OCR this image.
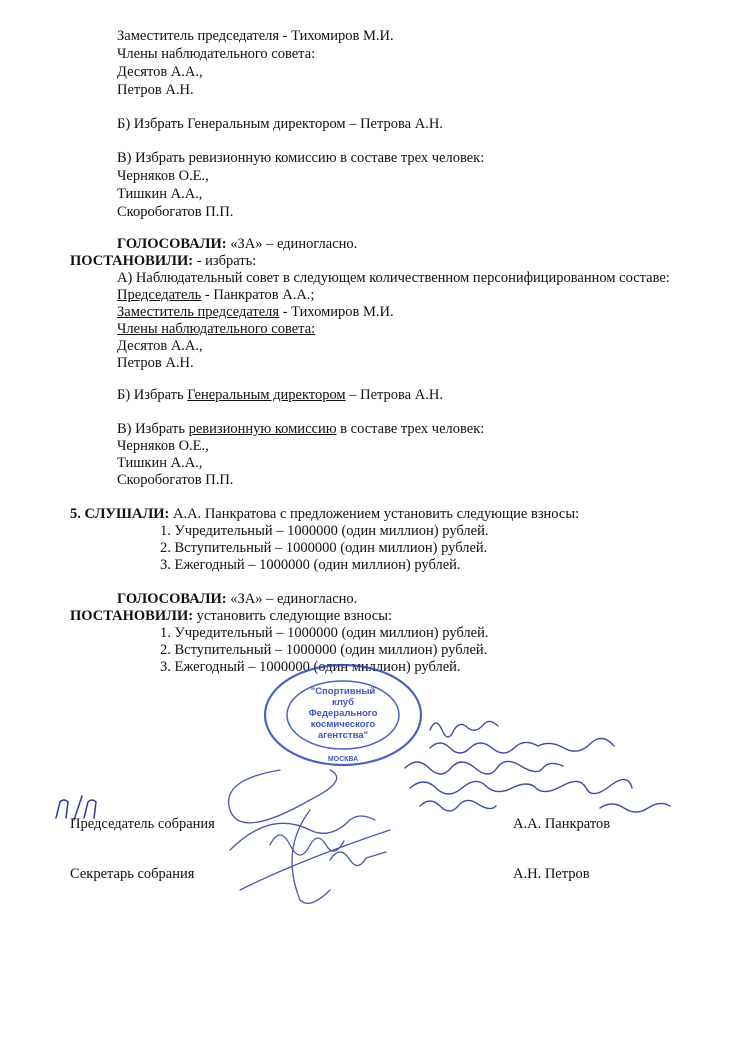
Заместитель председателя - Тихомиров М.И.
Члены наблюдательного совета:
Десятов А.А.,
Петров А.Н.
Б) Избрать Генеральным директором – Петрова А.Н.
В) Избрать ревизионную комиссию в составе трех человек:
Черняков О.Е.,
Тишкин А.А.,
Скоробогатов П.П.
ГОЛОСОВАЛИ: «ЗА» – единогласно.
ПОСТАНОВИЛИ: - избрать:
А) Наблюдательный совет в следующем количественном персонифицированном составе:
Председатель - Панкратов А.А.;
Заместитель председателя - Тихомиров М.И.
Члены наблюдательного совета:
Десятов А.А.,
Петров А.Н.
Б) Избрать Генеральным директором – Петрова А.Н.
В) Избрать ревизионную комиссию в составе трех человек:
Черняков О.Е.,
Тишкин А.А.,
Скоробогатов П.П.
5. СЛУШАЛИ: А.А. Панкратова с предложением установить следующие взносы:
1. Учредительный – 1000000 (один миллион) рублей.
2. Вступительный – 1000000 (один миллион) рублей.
3. Ежегодный – 1000000 (один миллион) рублей.
ГОЛОСОВАЛИ: «ЗА» – единогласно.
ПОСТАНОВИЛИ: установить следующие взносы:
1. Учредительный – 1000000 (один миллион) рублей.
2. Вступительный – 1000000 (один миллион) рублей.
3. Ежегодный – 1000000 (один миллион) рублей.
"Спортивный
клуб
Федерального
космического
агентства"
МОСКВА
Председатель собрания	А.А. Панкратов
Секретарь собрания	А.Н. Петров
